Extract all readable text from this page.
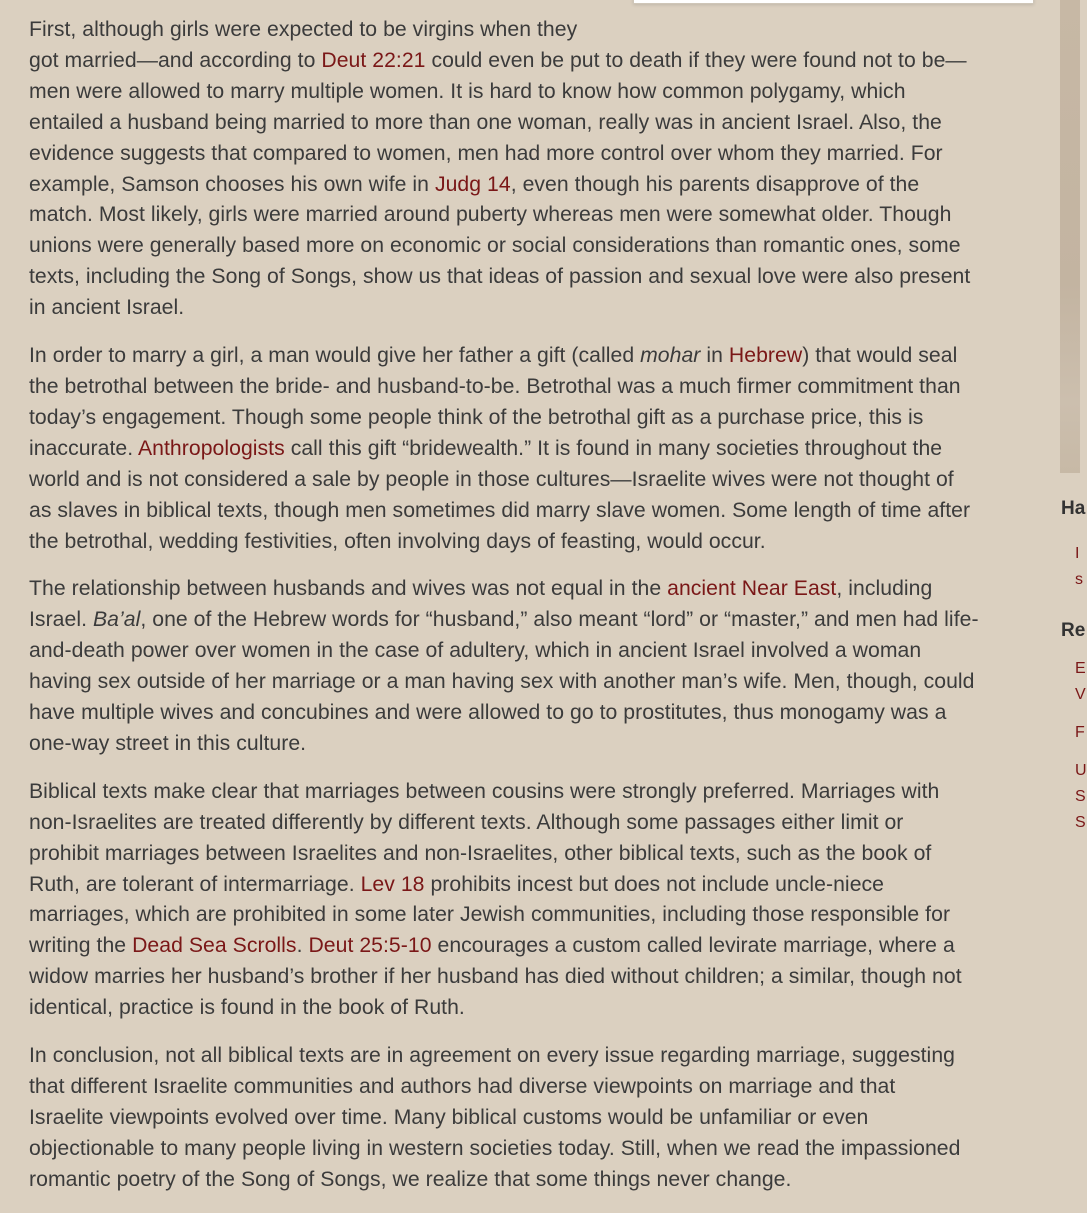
First, although girls were expected to be virgins when they
got married—and according to Deut 22:21 could even be put to death if they were found not to be—
men were allowed to marry multiple women. It is hard to know how common polygamy, which
entailed a husband being married to more than one woman, really was in ancient Israel. Also, the
evidence suggests that compared to women, men had more control over whom they married. For
example, Samson chooses his own wife in Judg 14, even though his parents disapprove of the
match. Most likely, girls were married around puberty whereas men were somewhat older. Though
unions were generally based more on economic or social considerations than romantic ones, some
texts, including the Song of Songs, show us that ideas of passion and sexual love were also present
in ancient Israel.

In order to marry a girl, a man would give her father a gift (called mohar in Hebrew) that would seal
the betrothal between the bride- and husband-to-be. Betrothal was a much firmer commitment than
today’s engagement. Though some people think of the betrothal gift as a purchase price, this is
inaccurate. Anthropologists call this gift “bridewealth.” It is found in many societies throughout the
world and is not considered a sale by people in those cultures—Israelite wives were not thought of
as slaves in biblical texts, though men sometimes did marry slave women. Some length of time after
the betrothal, wedding festivities, often involving days of feasting, would occur.

The relationship between husbands and wives was not equal in the ancient Near East, including
Israel. Ba’al, one of the Hebrew words for “husband,” also meant “lord” or “master,” and men had life-
and-death power over women in the case of adultery, which in ancient Israel involved a woman
having sex outside of her marriage or a man having sex with another man’s wife. Men, though, could
have multiple wives and concubines and were allowed to go to prostitutes, thus monogamy was a
one-way street in this culture.

Biblical texts make clear that marriages between cousins were strongly preferred. Marriages with
non-Israelites are treated differently by different texts. Although some passages either limit or
prohibit marriages between Israelites and non-Israelites, other biblical texts, such as the book of
Ruth, are tolerant of intermarriage. Lev 18 prohibits incest but does not include uncle-niece
marriages, which are prohibited in some later Jewish communities, including those responsible for
writing the Dead Sea Scrolls. Deut 25:5-10 encourages a custom called levirate marriage, where a
widow marries her husband’s brother if her husband has died without children; a similar, though not
identical, practice is found in the book of Ruth.

In conclusion, not all biblical texts are in agreement on every issue regarding marriage, suggesting
that different Israelite communities and authors had diverse viewpoints on marriage and that
Israelite viewpoints evolved over time. Many biblical customs would be unfamiliar or even
objectionable to many people living in western societies today. Still, when we read the impassioned
romantic poetry of the Song of Songs, we realize that some things never change.

Ha
Re
I
s
E
V
F
U
S
S
